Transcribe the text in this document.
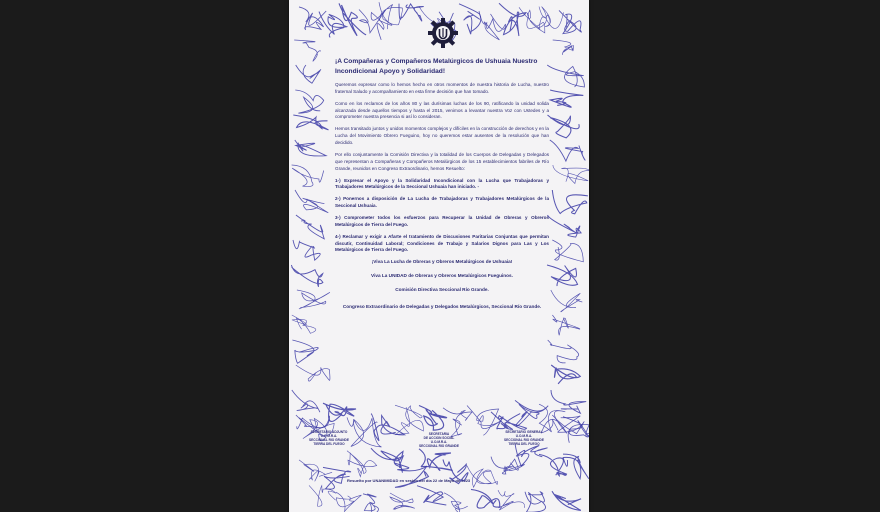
¡A Compañeras y Compañeros Metalúrgicos de Ushuaia Nuestro Incondicional Apoyo y Solidaridad!
Queremos expresar como lo hemos hecho en otros momentos de nuestra historia de Lucha, nuestro fraternal Saludo y acompañamiento en esta firme decisión que han tomado.
Como en los reclamos de los años 80 y las durísimas luchas de los 90, ratificando la unidad solida alcanzada desde aquellos tiempos y hasta el 2015, venimos a levantar nuestra Voz con Ustedes y a comprometer nuestra presencia si así lo consideran.
Hemos transitado juntos y unidos momentos complejos y difíciles en la construcción de derechos y en la Lucha del Movimiento Obrero Fueguino, hoy no queremos estar ausentes de la resolución que han decidido.
Por ello conjuntamente la Comisión Directiva y la totalidad de los Cuerpos de Delegadas y Delegados que representan a Compañeras y Compañeros Metalúrgicos de los 15 establecimientos fabriles de Río Grande, reunidos en Congreso Extraordinario, hemos Resuelto:
1-) Expresar el Apoyo y la Solidaridad Incondicional con la Lucha que Trabajadoras y Trabajadores Metalúrgicos de la Seccional Ushuaia han iniciado. -
2-) Ponernos a disposición de La Lucha de Trabajadoras y Trabajadores Metalúrgicos de la Seccional Ushuaia.
3-) Comprometer todos los esfuerzos para Recuperar la Unidad de Obreras y Obreros Metalúrgicos de Tierra del Fuego.
4-) Reclamar y exigir a Afarte el tratamiento de Discusiones Paritarias Conjuntas que permitan discutir, Continuidad Laboral; Condiciones de Trabajo y Salarios Dignos para Las y Los Metalúrgicos de Tierra del Fuego.
¡Viva La Lucha de Obreras y Obreros Metalúrgicos de Ushuaia!
Viva La UNIDAD de Obreras y Obreros Metalúrgicos Fueguinos.
Comisión Directiva Seccional Río Grande.
Congreso Extraordinario de Delegadas y Delegados Metalúrgicos, Seccional Río Grande.
SECRETARIO ADJUNTO
U.O.M.R.A.
SECCIONAL RIO GRANDE
TIERRA DEL FUEGO
SECRETARIA
DE ACCION SOCIAL
U.O.M.R.A.
SECCIONAL RIO GRANDE
SECRETARIO GENERAL
U.O.M.R.A.
SECCIONAL RIO GRANDE
TIERRA DEL FUEGO
Resuelto por UNANIMIDAD en sesión del día 22 de Mayo de 2023
